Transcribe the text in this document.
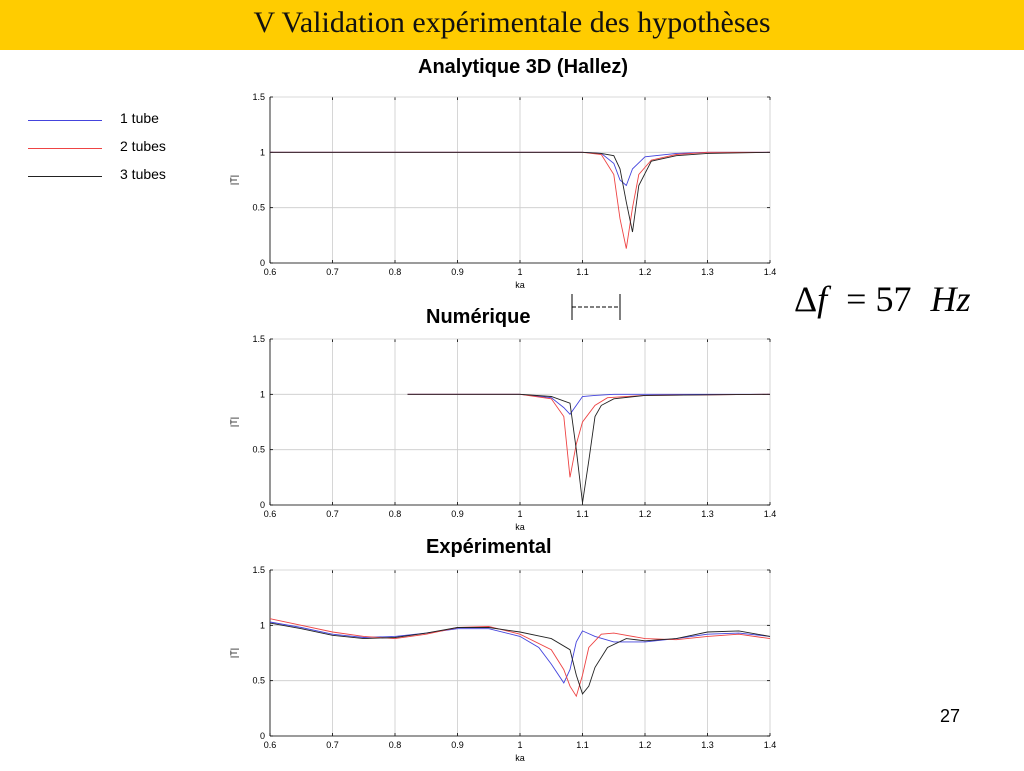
V Validation expérimentale des hypothèses
1 tube
2 tubes
3 tubes
Analytique 3D (Hallez)
Numérique
Expérimental
Δf = 57 Hz
0.6	0.7	0.8	0.9	1	1.1	1.2	1.3	1.4
0
0.5
1
1.5
ka
|T|
0.6	0.7	0.8	0.9	1	1.1	1.2	1.3	1.4
0
0.5
1
1.5
ka
|T|
0.6	0.7	0.8	0.9	1	1.1	1.2	1.3	1.4
0
0.5
1
1.5
ka
|T|
27
